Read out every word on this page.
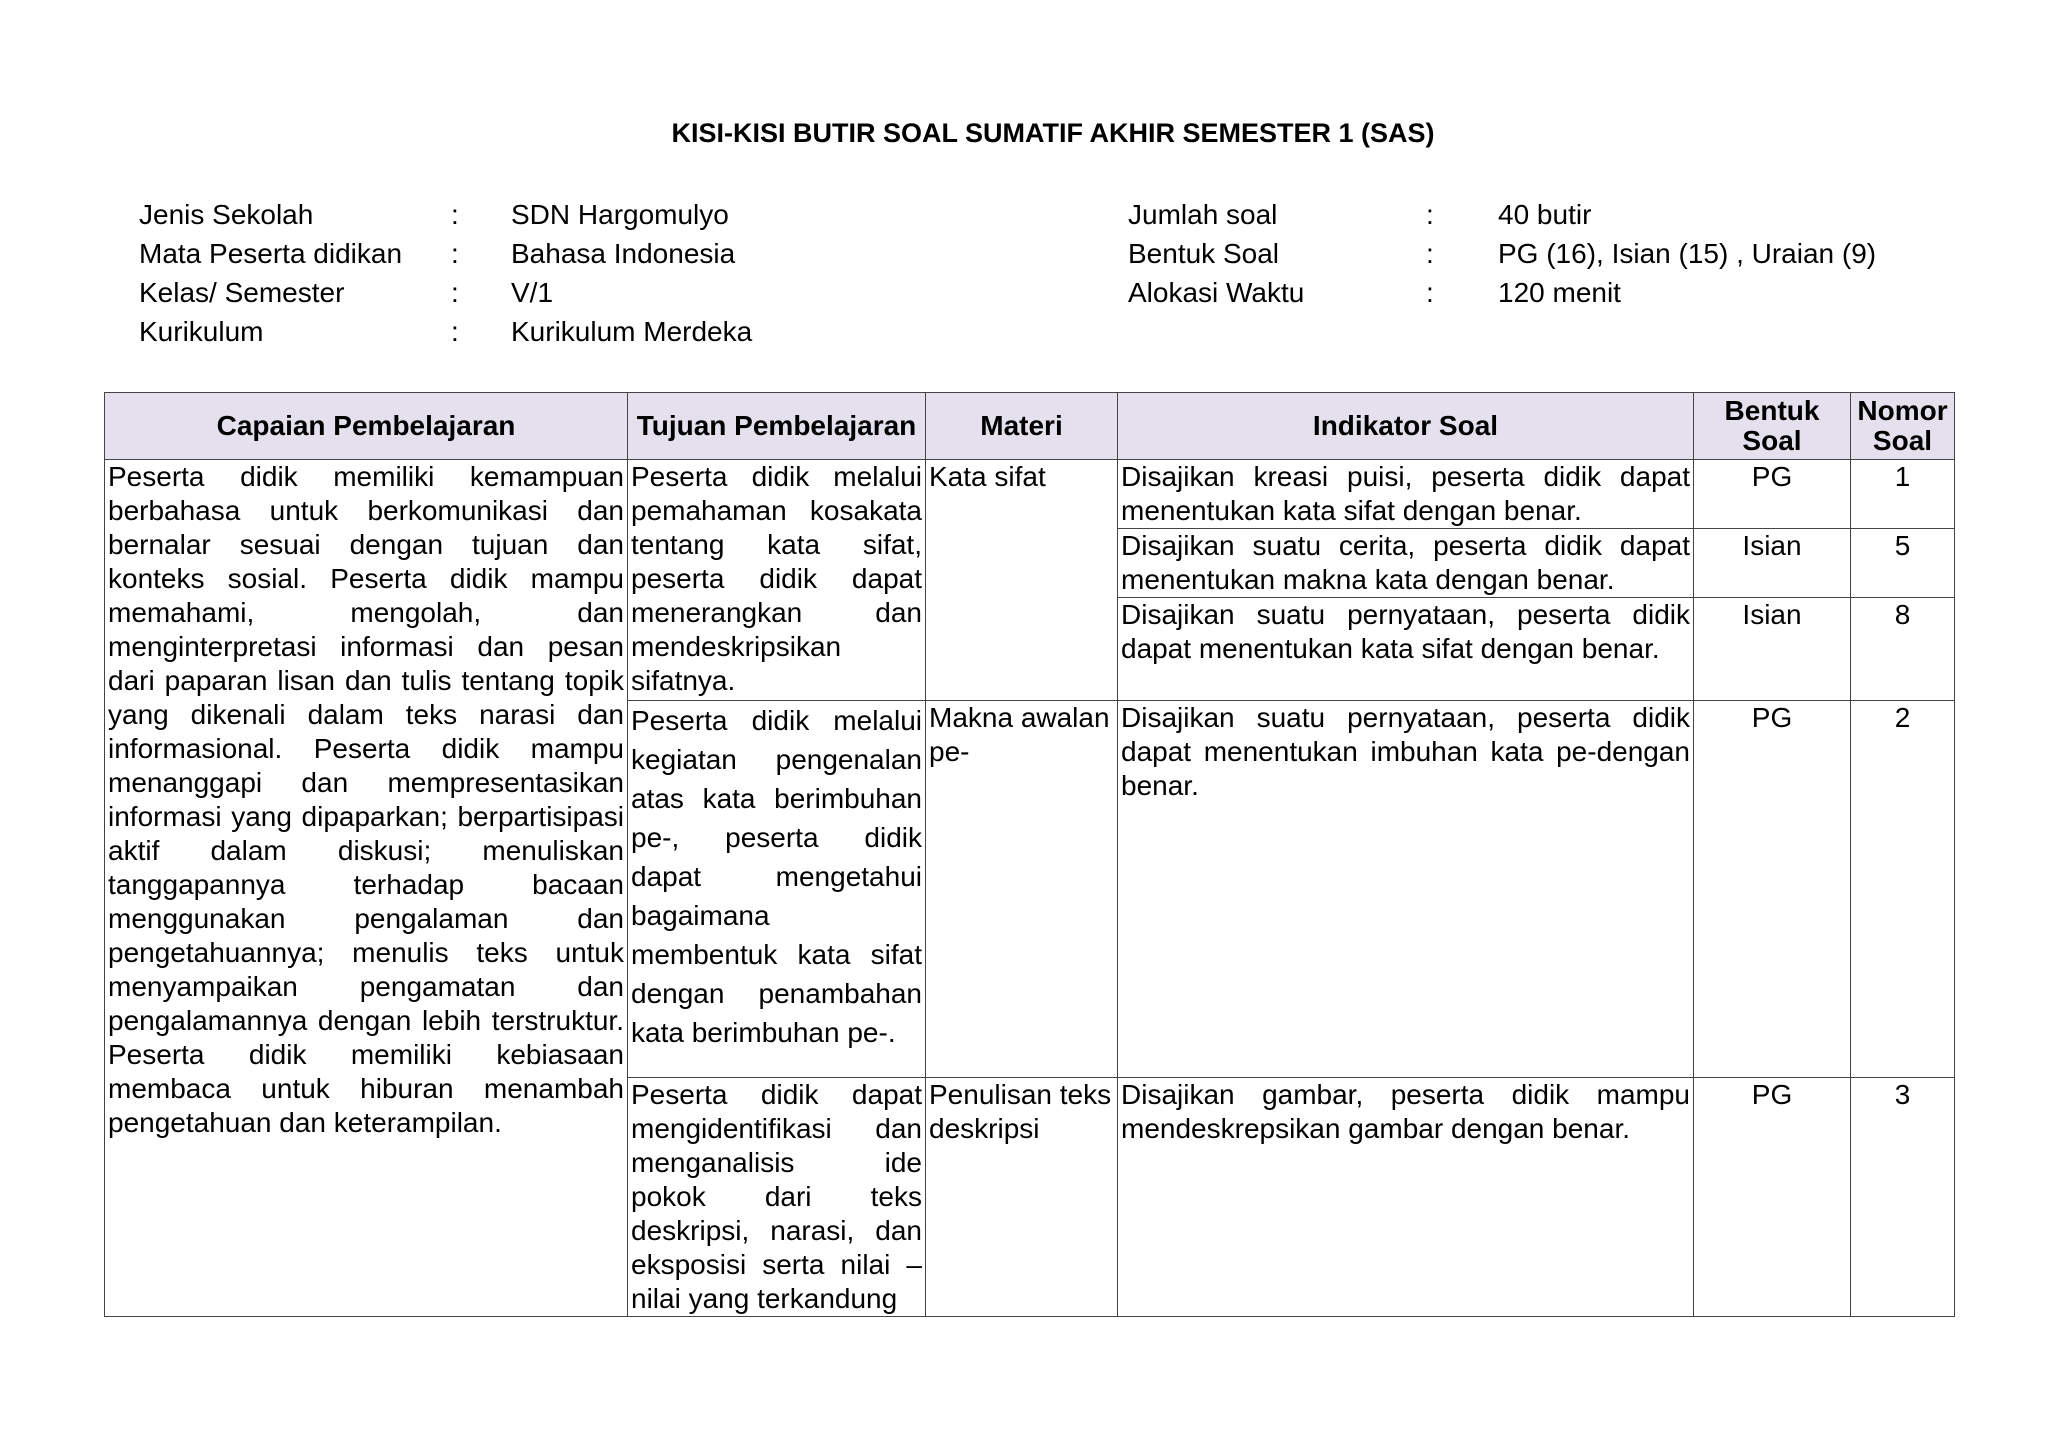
KISI-KISI BUTIR SOAL SUMATIF AKHIR SEMESTER 1 (SAS)
Jenis Sekolah	:	SDN Hargomulyo
Mata Peserta didikan	:	Bahasa Indonesia
Kelas/ Semester	:	V/1
Kurikulum	:	Kurikulum Merdeka
Jumlah soal	:	40 butir
Bentuk Soal	:	PG (16), Isian (15) , Uraian (9)
Alokasi Waktu	:	120 menit
Capaian Pembelajaran	Tujuan Pembelajaran	Materi	Indikator Soal	Bentuk Soal	Nomor Soal
Peserta didik memiliki kemampuan berbahasa untuk berkomunikasi dan bernalar sesuai dengan tujuan dan konteks sosial. Peserta didik mampu memahami, mengolah, dan menginterpretasi informasi dan pesan dari paparan lisan dan tulis tentang topik yang dikenali dalam teks narasi dan informasional. Peserta didik mampu menanggapi dan mempresentasikan informasi yang dipaparkan; berpartisipasi aktif dalam diskusi; menuliskan tanggapannya terhadap bacaan menggunakan pengalaman dan pengetahuannya; menulis teks untuk menyampaikan pengamatan dan pengalamannya dengan lebih terstruktur. Peserta didik memiliki kebiasaan membaca untuk hiburan menambah pengetahuan dan keterampilan.	Peserta didik melalui pemahaman kosakata tentang kata sifat, peserta didik dapat menerangkan dan mendeskripsikan sifatnya.	Kata sifat	Disajikan kreasi puisi, peserta didik dapat menentukan kata sifat dengan benar.	PG	1
			Disajikan suatu cerita, peserta didik dapat menentukan makna kata dengan benar.	Isian	5
			Disajikan suatu pernyataan, peserta didik dapat menentukan kata sifat dengan benar.	Isian	8
	Peserta didik melalui kegiatan pengenalan atas kata berimbuhan pe-, peserta didik dapat mengetahui bagaimana membentuk kata sifat dengan penambahan kata berimbuhan pe-.	Makna awalan pe-	Disajikan suatu pernyataan, peserta didik dapat menentukan imbuhan kata pe-dengan benar.	PG	2
	Peserta didik dapat mengidentifikasi dan menganalisis ide pokok dari teks deskripsi, narasi, dan eksposisi serta nilai – nilai yang terkandung	Penulisan teks deskripsi	Disajikan gambar, peserta didik mampu mendeskrepsikan gambar dengan benar.	PG	3
